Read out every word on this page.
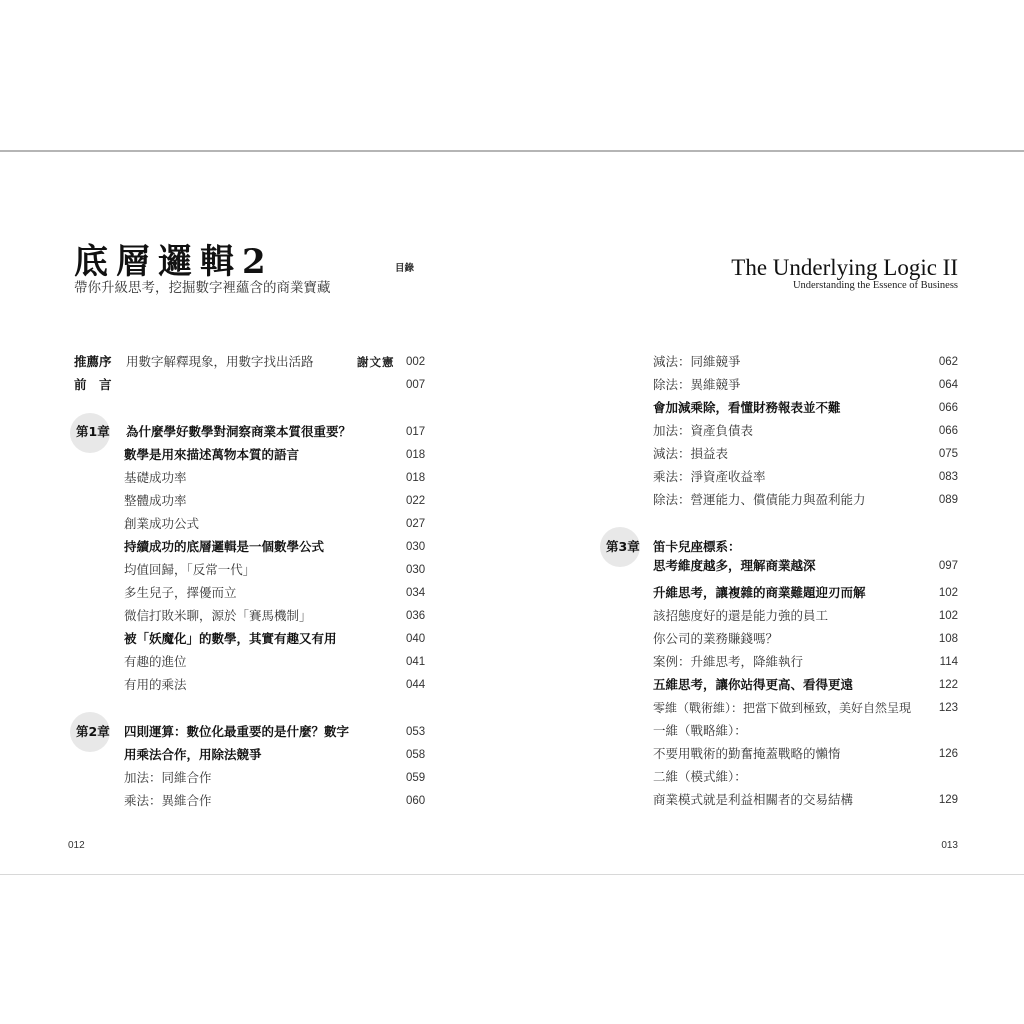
底層邏輯2
帶你升級思考，挖掘數字裡蘊含的商業寶藏
目錄
推薦序 用數字解釋現象，用數字找出活路	謝文憲 002
前　言	007
第1章 為什麼學好數學對洞察商業本質很重要？	017
數學是用來描述萬物本質的語言	018
基礎成功率	018
整體成功率	022
創業成功公式	027
持續成功的底層邏輯是一個數學公式	030
均值回歸，「反常一代」	030
多生兒子，擇優而立	034
微信打敗米聊，源於「賽馬機制」	036
被「妖魔化」的數學，其實有趣又有用	040
有趣的進位	041
有用的乘法	044
第2章 四則運算：數位化最重要的是什麼？數字	053
用乘法合作，用除法競爭	058
加法：同維合作	059
乘法：異維合作	060
012
The Underlying Logic II
Understanding the Essence of Business
減法：同維競爭	062
除法：異維競爭	064
會加減乘除，看懂財務報表並不難	066
加法：資產負債表	066
減法：損益表	075
乘法：淨資產收益率	083
除法：營運能力、償債能力與盈利能力	089
第3章 笛卡兒座標系：
思考維度越多，理解商業越深	097
升維思考，讓複雜的商業難題迎刃而解	102
該招態度好的還是能力強的員工	102
你公司的業務賺錢嗎？	108
案例：升維思考，降維執行	114
五維思考，讓你站得更高、看得更遠	122
零維（戰術維）：把當下做到極致，美好自然呈現 123
一維（戰略維）：
不要用戰術的勤奮掩蓋戰略的懶惰	126
二維（模式維）：
商業模式就是利益相關者的交易結構	129
013
